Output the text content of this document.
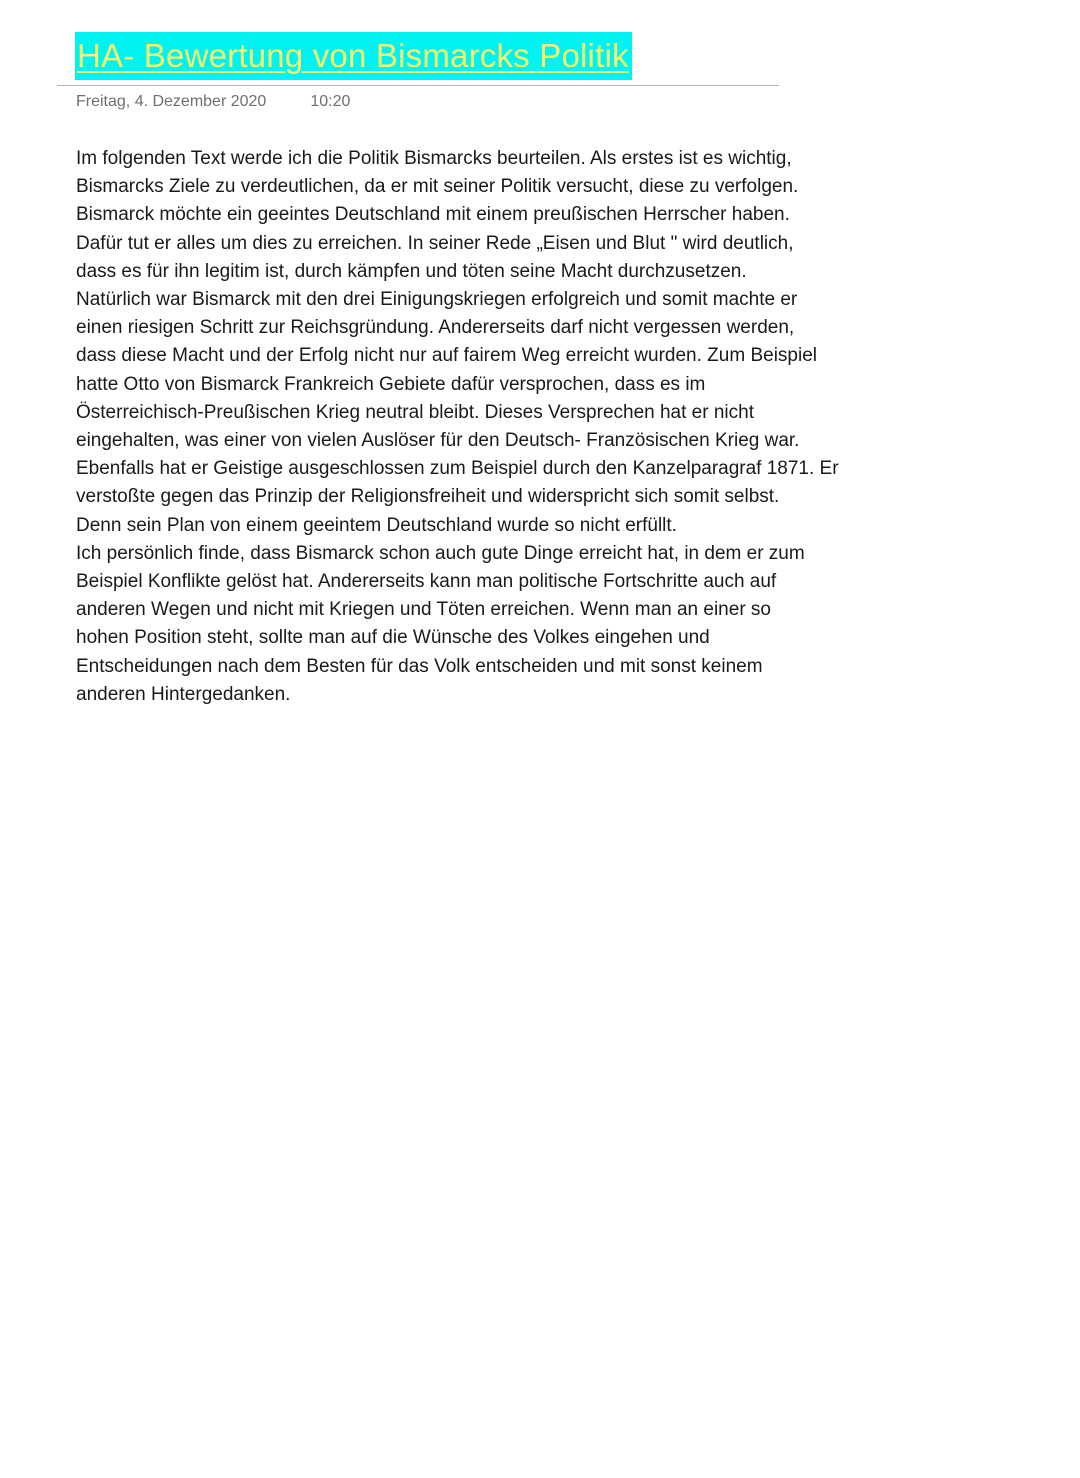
HA- Bewertung von Bismarcks Politik
Freitag, 4. Dezember 2020	10:20
Im folgenden Text werde ich die Politik Bismarcks beurteilen. Als erstes ist es wichtig,
Bismarcks Ziele zu verdeutlichen, da er mit seiner Politik versucht, diese zu verfolgen.
Bismarck möchte ein geeintes Deutschland mit einem preußischen Herrscher haben.
Dafür tut er alles um dies zu erreichen. In seiner Rede „Eisen und Blut " wird deutlich,
dass es für ihn legitim ist, durch kämpfen und töten seine Macht durchzusetzen.
Natürlich war Bismarck mit den drei Einigungskriegen erfolgreich und somit machte er
einen riesigen Schritt zur Reichsgründung. Andererseits darf nicht vergessen werden,
dass diese Macht und der Erfolg nicht nur auf fairem Weg erreicht wurden. Zum Beispiel
hatte Otto von Bismarck Frankreich Gebiete dafür versprochen, dass es im
Österreichisch-Preußischen Krieg neutral bleibt. Dieses Versprechen hat er nicht
eingehalten, was einer von vielen Auslöser für den Deutsch- Französischen Krieg war.
Ebenfalls hat er Geistige ausgeschlossen zum Beispiel durch den Kanzelparagraf 1871. Er
verstoßte gegen das Prinzip der Religionsfreiheit und widerspricht sich somit selbst.
Denn sein Plan von einem geeintem Deutschland wurde so nicht erfüllt.
Ich persönlich finde, dass Bismarck schon auch gute Dinge erreicht hat, in dem er zum
Beispiel Konflikte gelöst hat. Andererseits kann man politische Fortschritte auch auf
anderen Wegen und nicht mit Kriegen und Töten erreichen. Wenn man an einer so
hohen Position steht, sollte man auf die Wünsche des Volkes eingehen und
Entscheidungen nach dem Besten für das Volk entscheiden und mit sonst keinem
anderen Hintergedanken.
